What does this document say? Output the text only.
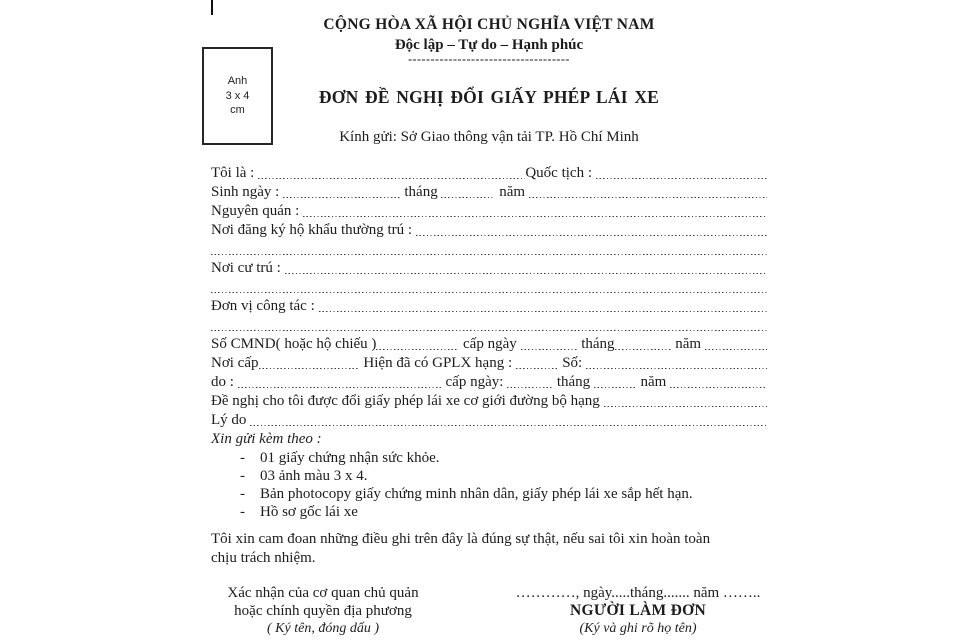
CỘNG HÒA XÃ HỘI CHỦ NGHĨA VIỆT NAM
Độc lập – Tự do – Hạnh phúc
------------------------------------
Anh
3 x 4
cm
ĐƠN ĐỀ NGHỊ ĐỔI GIẤY PHÉP LÁI XE
Kính gửi: Sở Giao thông vận tải TP. Hồ Chí Minh
Tôi là :	Quốc tịch :
Sinh ngày :	tháng	năm
Nguyên quán :
Nơi đăng ký hộ khẩu thường trú :
Nơi cư trú :
Đơn vị công tác :
Số CMND( hoặc hộ chiếu )	cấp ngày	tháng	năm
Nơi cấp	Hiện đã có GPLX hạng :	Số:
do :	cấp ngày:	tháng	năm
Đề nghị cho tôi được đổi giấy phép lái xe cơ giới đường bộ hạng
Lý do
Xin gửi kèm theo :
- 01 giấy chứng nhận sức khỏe.
- 03 ảnh màu 3 x 4.
- Bản photocopy giấy chứng minh nhân dân, giấy phép lái xe sắp hết hạn.
- Hồ sơ gốc lái xe
Tôi xin cam đoan những điều ghi trên đây là đúng sự thật, nếu sai tôi xin hoàn toàn
chịu trách nhiệm.
Xác nhận của cơ quan chủ quản
hoặc chính quyền địa phương
( Ký tên, đóng dấu )
…………, ngày.....tháng....... năm ……..
NGƯỜI LÀM ĐƠN
(Ký và ghi rõ họ tên)
